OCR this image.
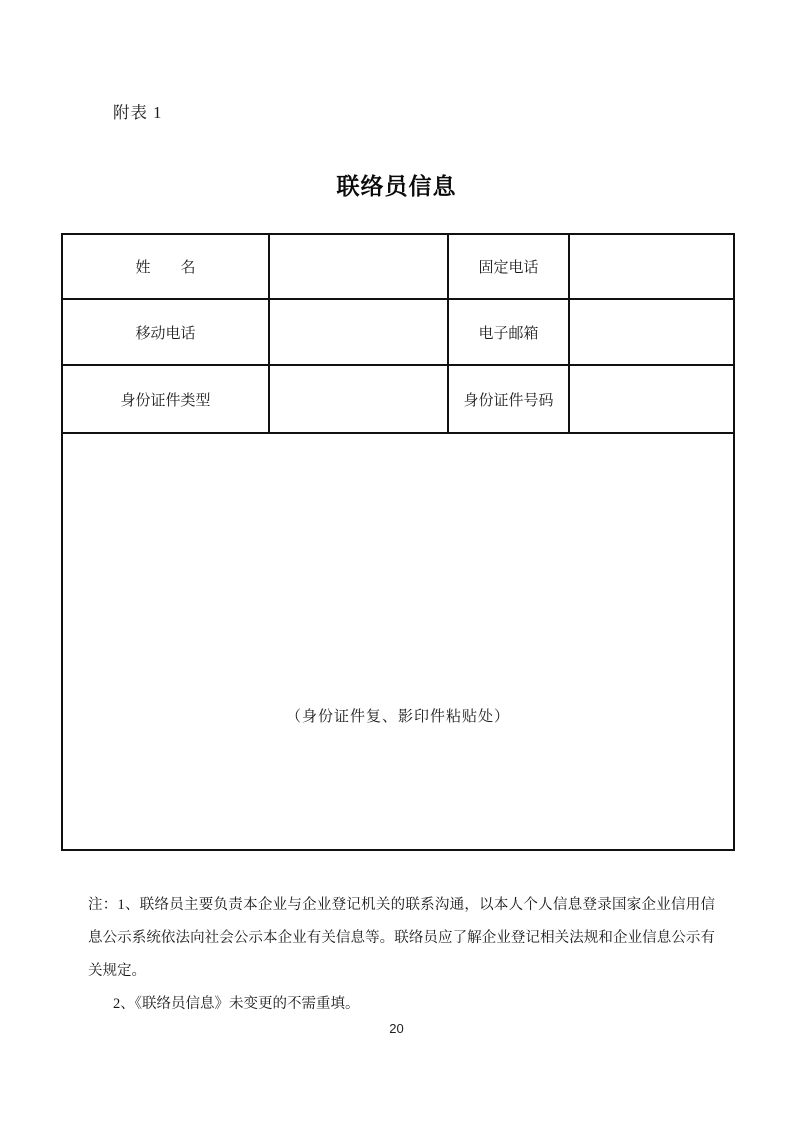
附表 1
联络员信息
姓　　名		固定电话	
移动电话		电子邮箱	
身份证件类型		身份证件号码	

（身份证件复、影印件粘贴处）			

注：1、联络员主要负责本企业与企业登记机关的联系沟通，以本人个人信息登录国家企业信用信息公示系统依法向社会公示本企业有关信息等。联络员应了解企业登记相关法规和企业信息公示有关规定。

2、《联络员信息》未变更的不需重填。

20
